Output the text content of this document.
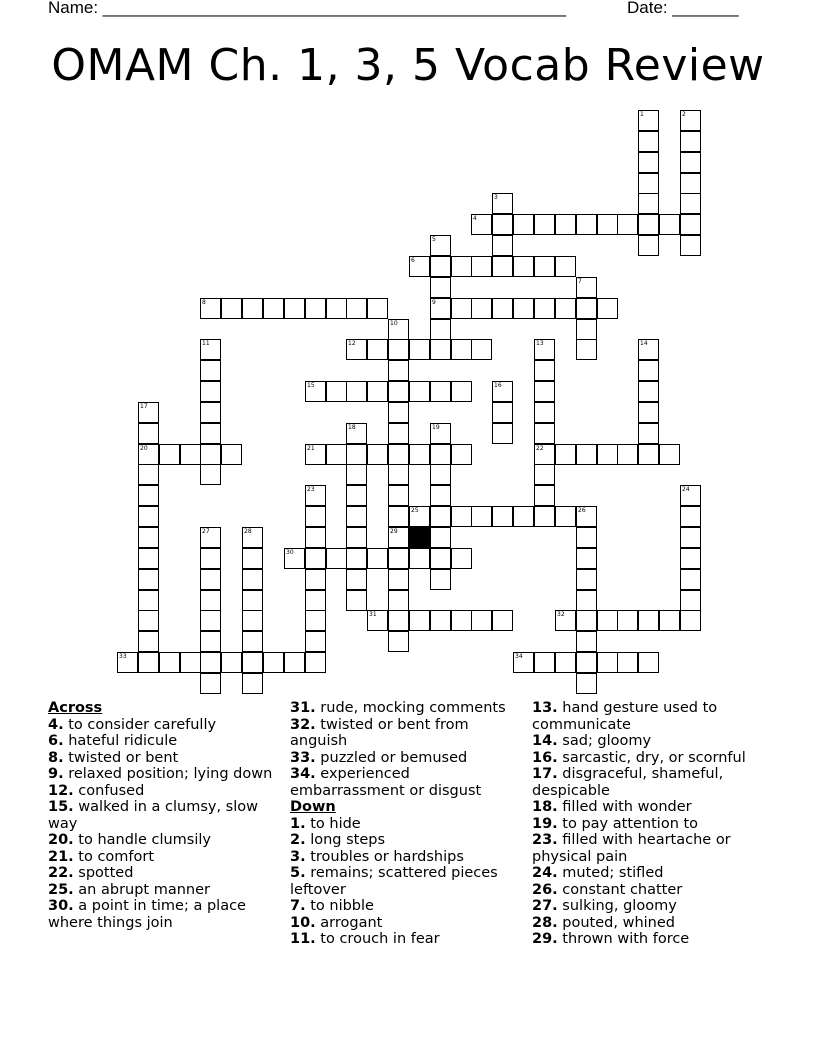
Name: _________________________________________________	Date: _______
OMAM Ch. 1, 3, 5 Vocab Review
4
6
8	9
12
15
20	21	22
25	26
30
31	32
33	34
1	2
3
5
7
10
29
11	13	14
16
17
18	19
23	24
27	28
Across
4. to consider carefully
6. hateful ridicule
8. twisted or bent
9. relaxed position; lying down
12. confused
15. walked in a clumsy, slow way
20. to handle clumsily
21. to comfort
22. spotted
25. an abrupt manner
30. a point in time; a place where things join
31. rude, mocking comments
32. twisted or bent from anguish
33. puzzled or bemused
34. experienced embarrassment or disgust
Down
1. to hide
2. long steps
3. troubles or hardships
5. remains; scattered pieces leftover
7. to nibble
10. arrogant
11. to crouch in fear
13. hand gesture used to communicate
14. sad; gloomy
16. sarcastic, dry, or scornful
17. disgraceful, shameful, despicable
18. filled with wonder
19. to pay attention to
23. filled with heartache or physical pain
24. muted; stifled
26. constant chatter
27. sulking, gloomy
28. pouted, whined
29. thrown with force
